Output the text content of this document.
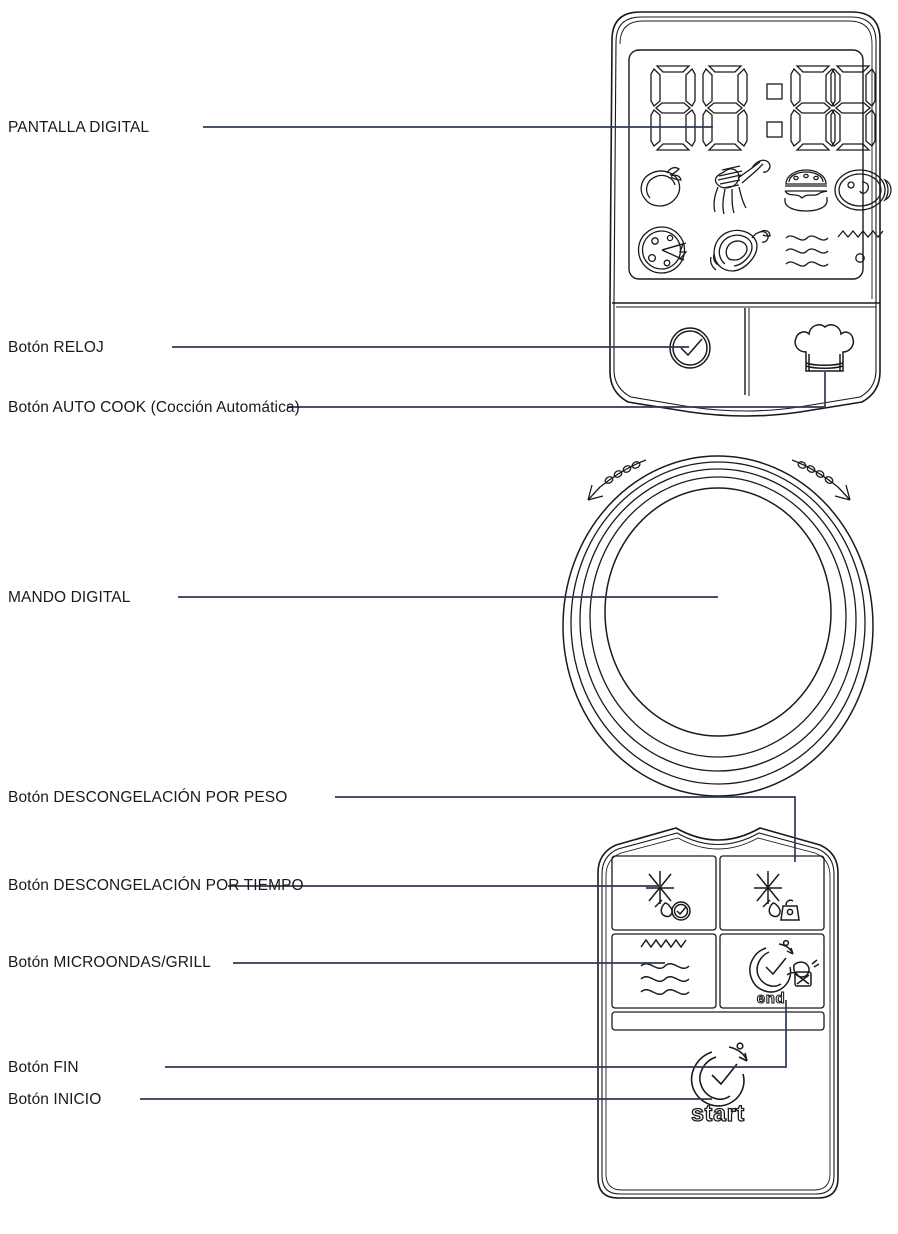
end
start
PANTALLA DIGITAL
Botón RELOJ
Botón AUTO COOK (Cocción Automática)
MANDO DIGITAL
Botón DESCONGELACIÓN POR PESO
Botón DESCONGELACIÓN POR TIEMPO
Botón MICROONDAS/GRILL
Botón FIN
Botón INICIO
